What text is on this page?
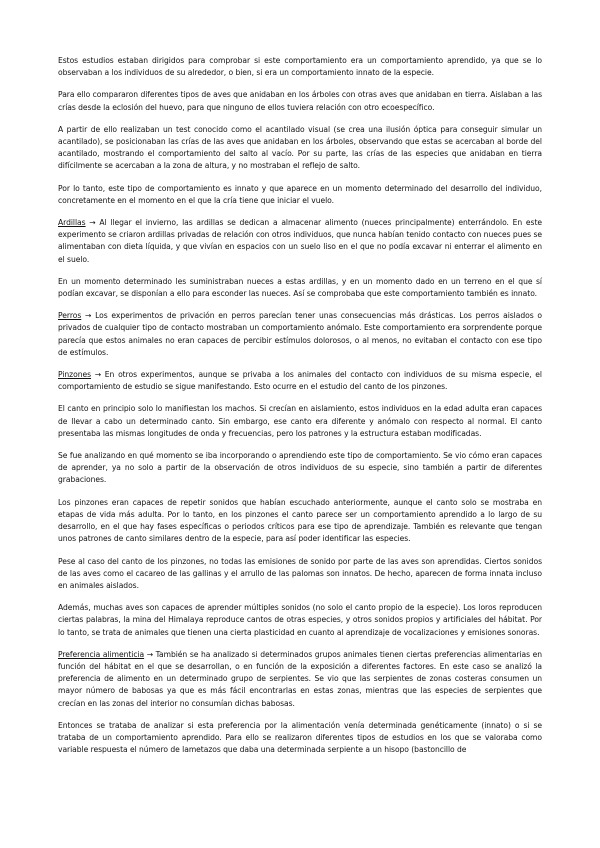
Estos estudios estaban dirigidos para comprobar si este comportamiento era un comportamiento aprendido, ya que se lo observaban a los individuos de su alrededor, o bien, si era un comportamiento innato de la especie.

Para ello compararon diferentes tipos de aves que anidaban en los árboles con otras aves que anidaban en tierra. Aislaban a las crías desde la eclosión del huevo, para que ninguno de ellos tuviera relación con otro ecoespecífico.

A partir de ello realizaban un test conocido como el acantilado visual (se crea una ilusión óptica para conseguir simular un acantilado), se posicionaban las crías de las aves que anidaban en los árboles, observando que estas se acercaban al borde del acantilado, mostrando el comportamiento del salto al vacío. Por su parte, las crías de las especies que anidaban en tierra difícilmente se acercaban a la zona de altura, y no mostraban el reflejo de salto.

Por lo tanto, este tipo de comportamiento es innato y que aparece en un momento determinado del desarrollo del individuo, concretamente en el momento en el que la cría tiene que iniciar el vuelo.

Ardillas → Al llegar el invierno, las ardillas se dedican a almacenar alimento (nueces principalmente) enterrándolo. En este experimento se criaron ardillas privadas de relación con otros individuos, que nunca habían tenido contacto con nueces pues se alimentaban con dieta líquida, y que vivían en espacios con un suelo liso en el que no podía excavar ni enterrar el alimento en el suelo.

En un momento determinado les suministraban nueces a estas ardillas, y en un momento dado en un terreno en el que sí podían excavar, se disponían a ello para esconder las nueces. Así se comprobaba que este comportamiento también es innato.

Perros → Los experimentos de privación en perros parecían tener unas consecuencias más drásticas. Los perros aislados o privados de cualquier tipo de contacto mostraban un comportamiento anómalo. Este comportamiento era sorprendente porque parecía que estos animales no eran capaces de percibir estímulos dolorosos, o al menos, no evitaban el contacto con ese tipo de estímulos.

Pinzones → En otros experimentos, aunque se privaba a los animales del contacto con individuos de su misma especie, el comportamiento de estudio se sigue manifestando. Esto ocurre en el estudio del canto de los pinzones.

El canto en principio solo lo manifiestan los machos. Si crecían en aislamiento, estos individuos en la edad adulta eran capaces de llevar a cabo un determinado canto. Sin embargo, ese canto era diferente y anómalo con respecto al normal. El canto presentaba las mismas longitudes de onda y frecuencias, pero los patrones y la estructura estaban modificadas.

Se fue analizando en qué momento se iba incorporando o aprendiendo este tipo de comportamiento. Se vio cómo eran capaces de aprender, ya no solo a partir de la observación de otros individuos de su especie, sino también a partir de diferentes grabaciones.

Los pinzones eran capaces de repetir sonidos que habían escuchado anteriormente, aunque el canto solo se mostraba en etapas de vida más adulta. Por lo tanto, en los pinzones el canto parece ser un comportamiento aprendido a lo largo de su desarrollo, en el que hay fases específicas o periodos críticos para ese tipo de aprendizaje. También es relevante que tengan unos patrones de canto similares dentro de la especie, para así poder identificar las especies.

Pese al caso del canto de los pinzones, no todas las emisiones de sonido por parte de las aves son aprendidas. Ciertos sonidos de las aves como el cacareo de las gallinas y el arrullo de las palomas son innatos. De hecho, aparecen de forma innata incluso en animales aislados.

Además, muchas aves son capaces de aprender múltiples sonidos (no solo el canto propio de la especie). Los loros reproducen ciertas palabras, la mina del Himalaya reproduce cantos de otras especies, y otros sonidos propios y artificiales del hábitat. Por lo tanto, se trata de animales que tienen una cierta plasticidad en cuanto al aprendizaje de vocalizaciones y emisiones sonoras.

Preferencia alimenticia → También se ha analizado si determinados grupos animales tienen ciertas preferencias alimentarias en función del hábitat en el que se desarrollan, o en función de la exposición a diferentes factores. En este caso se analizó la preferencia de alimento en un determinado grupo de serpientes. Se vio que las serpientes de zonas costeras consumen un mayor número de babosas ya que es más fácil encontrarlas en estas zonas, mientras que las especies de serpientes que crecían en las zonas del interior no consumían dichas babosas.

Entonces se trataba de analizar si esta preferencia por la alimentación venía determinada genéticamente (innato) o si se trataba de un comportamiento aprendido. Para ello se realizaron diferentes tipos de estudios en los que se valoraba como variable respuesta el número de lametazos que daba una determinada serpiente a un hisopo (bastoncillo de
